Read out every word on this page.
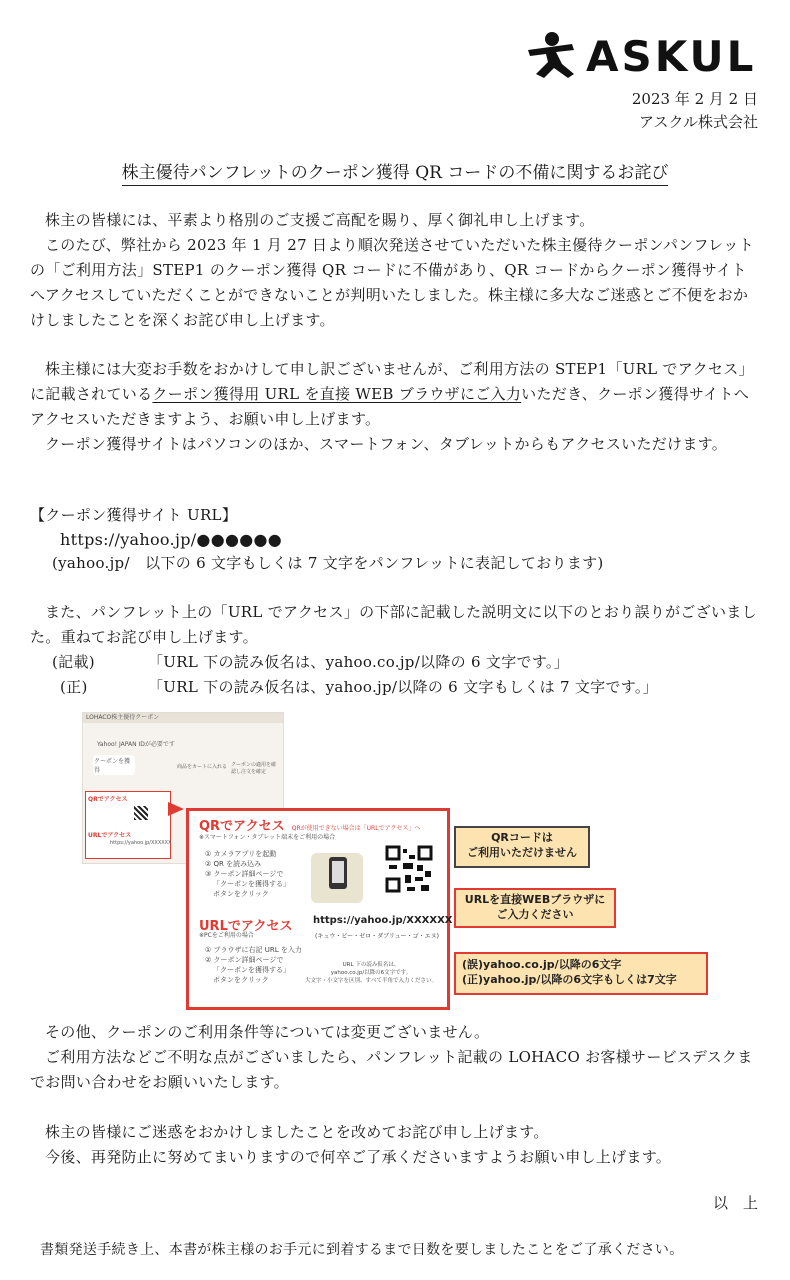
ASKUL
2023 年 2 月 2 日
アスクル株式会社
株主優待パンフレットのクーポン獲得 QR コードの不備に関するお詫び
株主の皆様には、平素より格別のご支援ご高配を賜り、厚く御礼申し上げます。
このたび、弊社から 2023 年 1 月 27 日より順次発送させていただいた株主優待クーポンパンフレットの「ご利用方法」STEP1 のクーポン獲得 QR コードに不備があり、QR コードからクーポン獲得サイトへアクセスしていただくことができないことが判明いたしました。株主様に多大なご迷惑とご不便をおかけしましたことを深くお詫び申し上げます。
株主様には大変お手数をおかけして申し訳ございませんが、ご利用方法の STEP1「URL でアクセス」に記載されているクーポン獲得用 URL を直接 WEB ブラウザにご入力いただき、クーポン獲得サイトへアクセスいただきますよう、お願い申し上げます。
クーポン獲得サイトはパソコンのほか、スマートフォン、タブレットからもアクセスいただけます。
【クーポン獲得サイト URL】
https://yahoo.jp/●●●●●●
(yahoo.jp/　以下の 6 文字もしくは 7 文字をパンフレットに表記しております)
また、パンフレット上の「URL でアクセス」の下部に記載した説明文に以下のとおり誤りがございました。重ねてお詫び申し上げます。
(記載)	「URL 下の読み仮名は、yahoo.co.jp/以降の 6 文字です。」
(正)	「URL 下の読み仮名は、yahoo.jp/以降の 6 文字もしくは 7 文字です。」
LOHACO株主優待クーポン
Yahoo! JAPAN IDが必要です
クーポンを獲得	商品をカートに入れる クーポンの適用を確認し注文を確定
QRでアクセス
URLでアクセス
https://yahoo.jp/XXXXXX
QRでアクセス QRが使用できない場合は「URLでアクセス」へ
※スマートフォン・タブレット端末をご利用の場合
① カメラアプリを起動
② QR を読み込み
③ クーポン詳細ページで
「クーポンを獲得する」
ボタンをクリック
URLでアクセス
※PCをご利用の場合
① ブラウザに右記 URL を入力
② クーポン詳細ページで
「クーポンを獲得する」
ボタンをクリック
https://yahoo.jp/XXXXXX
(キュウ・ビー・ゼロ・ダブリュー・ゴ・エヌ)
URL 下の読み仮名は、
yahoo.co.jp/以降の6文字です。
大文字・小文字を区別、すべて半角で入力ください。
QRコードは
ご利用いただけません
URLを直接WEBブラウザに
ご入力ください
(誤)yahoo.co.jp/以降の6文字
(正)yahoo.jp/以降の6文字もしくは7文字
その他、クーポンのご利用条件等については変更ございません。
ご利用方法などご不明な点がございましたら、パンフレット記載の LOHACO お客様サービスデスクまでお問い合わせをお願いいたします。
株主の皆様にご迷惑をおかけしましたことを改めてお詫び申し上げます。
今後、再発防止に努めてまいりますので何卒ご了承くださいますようお願い申し上げます。
以　上
書類発送手続き上、本書が株主様のお手元に到着するまで日数を要しましたことをご了承ください。
